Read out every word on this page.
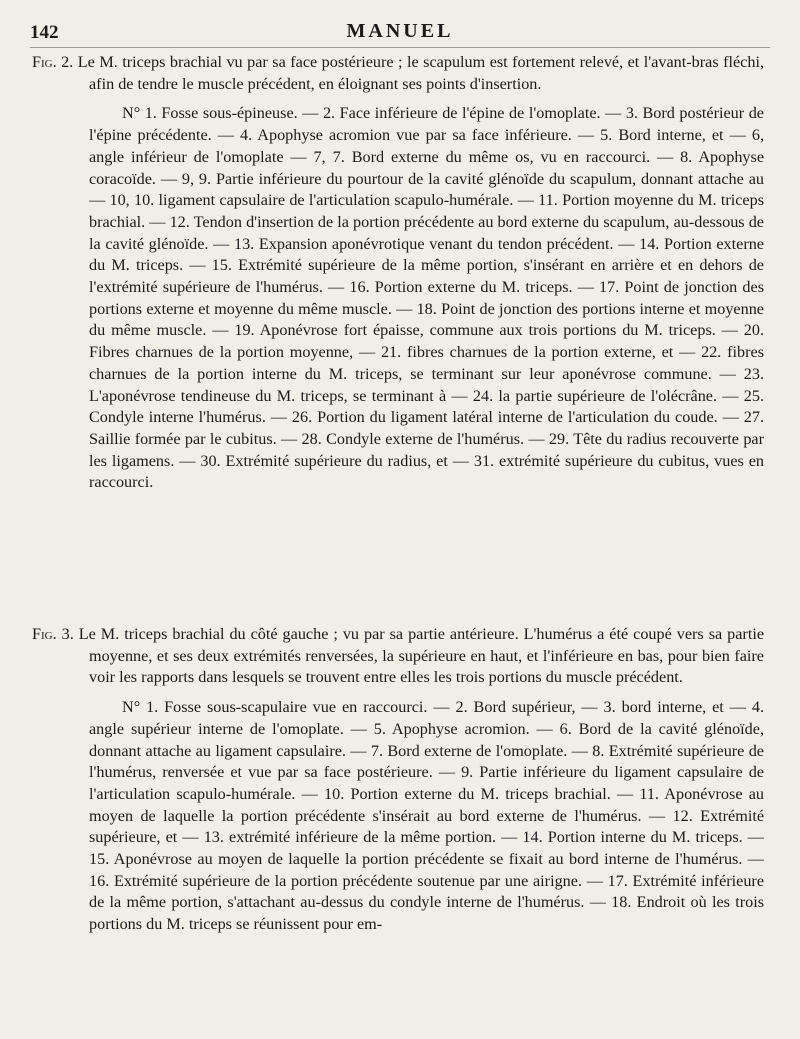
142	MANUEL

Fig. 2. Le M. triceps brachial vu par sa face postérieure ; le scapulum est fortement relevé, et l'avant-bras fléchi, afin de tendre le muscle précédent, en éloignant ses points d'insertion.

N° 1. Fosse sous-épineuse. — 2. Face inférieure de l'épine de l'omoplate. — 3. Bord postérieur de l'épine précédente. — 4. Apophyse acromion vue par sa face inférieure. — 5. Bord interne, et — 6, angle inférieur de l'omoplate — 7, 7. Bord externe du même os, vu en raccourci. — 8. Apophyse coracoïde. — 9, 9. Partie inférieure du pourtour de la cavité glénoïde du scapulum, donnant attache au — 10, 10. ligament capsulaire de l'articulation scapulo-humérale. — 11. Portion moyenne du M. triceps brachial. — 12. Tendon d'insertion de la portion précédente au bord externe du scapulum, au-dessous de la cavité glénoïde. — 13. Expansion aponévrotique venant du tendon précédent. — 14. Portion externe du M. triceps. — 15. Extrémité supérieure de la même portion, s'insérant en arrière et en dehors de l'extrémité supérieure de l'humérus. — 16. Portion externe du M. triceps. — 17. Point de jonction des portions externe et moyenne du même muscle. — 18. Point de jonction des portions interne et moyenne du même muscle. — 19. Aponévrose fort épaisse, commune aux trois portions du M. triceps. — 20. Fibres charnues de la portion moyenne, — 21. fibres charnues de la portion externe, et — 22. fibres charnues de la portion interne du M. triceps, se terminant sur leur aponévrose commune. — 23. L'aponévrose tendineuse du M. triceps, se terminant à — 24. la partie supérieure de l'olécrâne. — 25. Condyle interne l'humérus. — 26. Portion du ligament latéral interne de l'articulation du coude. — 27. Saillie formée par le cubitus. — 28. Condyle externe de l'humérus. — 29. Tête du radius recouverte par les ligamens. — 30. Extrémité supérieure du radius, et — 31. extrémité supérieure du cubitus, vues en raccourci.

Fig. 3. Le M. triceps brachial du côté gauche ; vu par sa partie antérieure. L'humérus a été coupé vers sa partie moyenne, et ses deux extrémités renversées, la supérieure en haut, et l'inférieure en bas, pour bien faire voir les rapports dans lesquels se trouvent entre elles les trois portions du muscle précédent.

N° 1. Fosse sous-scapulaire vue en raccourci. — 2. Bord supérieur, — 3. bord interne, et — 4. angle supérieur interne de l'omoplate. — 5. Apophyse acromion. — 6. Bord de la cavité glénoïde, donnant attache au ligament capsulaire. — 7. Bord externe de l'omoplate. — 8. Extrémité supérieure de l'humérus, renversée et vue par sa face postérieure. — 9. Partie inférieure du ligament capsulaire de l'articulation scapulo-humérale. — 10. Portion externe du M. triceps brachial. — 11. Aponévrose au moyen de laquelle la portion précédente s'insérait au bord externe de l'humérus. — 12. Extrémité supérieure, et — 13. extrémité inférieure de la même portion. — 14. Portion interne du M. triceps. — 15. Aponévrose au moyen de laquelle la portion précédente se fixait au bord interne de l'humérus. — 16. Extrémité supérieure de la portion précédente soutenue par une airigne. — 17. Extrémité inférieure de la même portion, s'attachant au-dessus du condyle interne de l'humérus. — 18. Endroit où les trois portions du M. triceps se réunissent pour em-
